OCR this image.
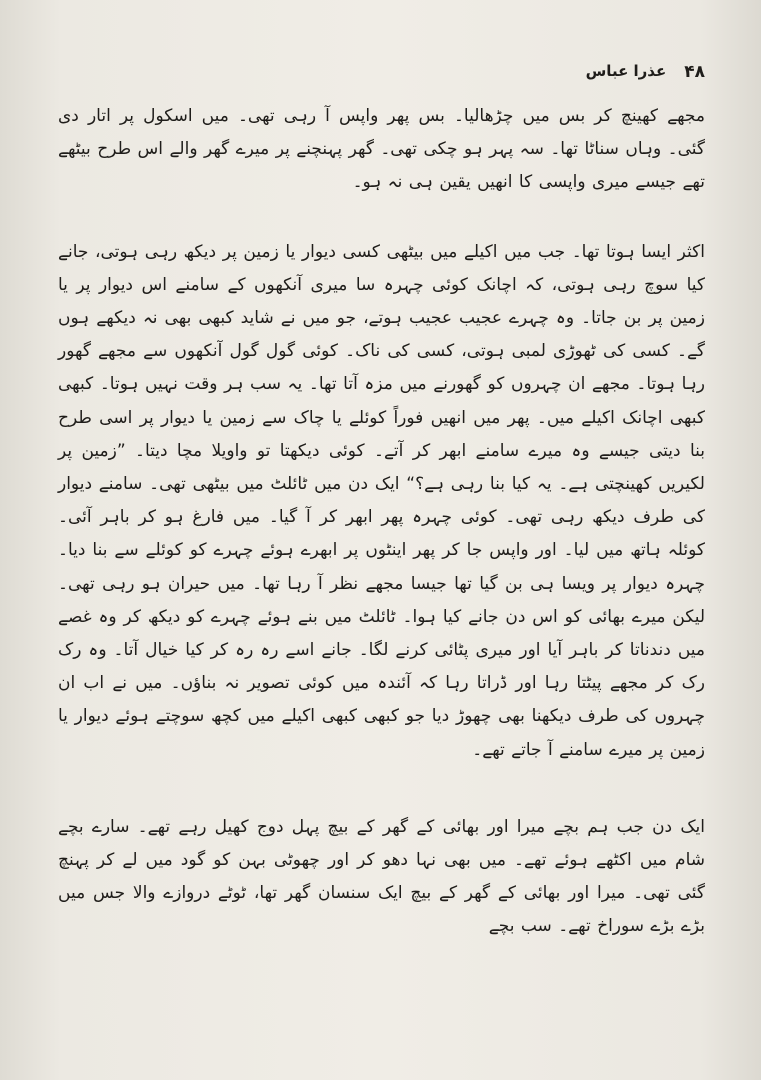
۴۸
عذرا عباس

مجھے کھینچ کر بس میں چڑھالیا۔ بس پھر واپس آ رہی تھی۔ میں اسکول پر اتار دی گئی۔ وہاں سناٹا تھا۔ سہ پہر ہو چکی تھی۔ گھر پہنچنے پر میرے گھر والے اس طرح بیٹھے تھے جیسے میری واپسی کا انھیں یقین ہی نہ ہو۔

اکثر ایسا ہوتا تھا۔ جب میں اکیلے میں بیٹھی کسی دیوار یا زمین پر دیکھ رہی ہوتی، جانے کیا سوچ رہی ہوتی، کہ اچانک کوئی چہرہ سا میری آنکھوں کے سامنے اس دیوار پر یا زمین پر بن جاتا۔ وہ چہرے عجیب عجیب ہوتے، جو میں نے شاید کبھی بھی نہ دیکھے ہوں گے۔ کسی کی ٹھوڑی لمبی ہوتی، کسی کی ناک۔ کوئی گول گول آنکھوں سے مجھے گھور رہا ہوتا۔ مجھے ان چہروں کو گھورنے میں مزہ آتا تھا۔ یہ سب ہر وقت نہیں ہوتا۔ کبھی کبھی اچانک اکیلے میں۔ پھر میں انھیں فوراً کوئلے یا چاک سے زمین یا دیوار پر اسی طرح بنا دیتی جیسے وہ میرے سامنے ابھر کر آتے۔ کوئی دیکھتا تو واویلا مچا دیتا۔ ”زمین پر لکیریں کھینچتی ہے۔ یہ کیا بنا رہی ہے؟“ ایک دن میں ٹائلٹ میں بیٹھی تھی۔ سامنے دیوار کی طرف دیکھ رہی تھی۔ کوئی چہرہ پھر ابھر کر آ گیا۔ میں فارغ ہو کر باہر آئی۔ کوئلہ ہاتھ میں لیا۔ اور واپس جا کر پھر اینٹوں پر ابھرے ہوئے چہرے کو کوئلے سے بنا دیا۔ چہرہ دیوار پر ویسا ہی بن گیا تھا جیسا مجھے نظر آ رہا تھا۔ میں حیران ہو رہی تھی۔ لیکن میرے بھائی کو اس دن جانے کیا ہوا۔ ٹائلٹ میں بنے ہوئے چہرے کو دیکھ کر وہ غصے میں دندناتا کر باہر آیا اور میری پٹائی کرنے لگا۔ جانے اسے رہ رہ کر کیا خیال آتا۔ وہ رک رک کر مجھے پیٹتا رہا اور ڈراتا رہا کہ آئندہ میں کوئی تصویر نہ بناؤں۔ میں نے اب ان چہروں کی طرف دیکھنا بھی چھوڑ دیا جو کبھی کبھی اکیلے میں کچھ سوچتے ہوئے دیوار یا زمین پر میرے سامنے آ جاتے تھے۔

ایک دن جب ہم بچے میرا اور بھائی کے گھر کے بیچ پہل دوج کھیل رہے تھے۔ سارے بچے شام میں اکٹھے ہوئے تھے۔ میں بھی نہا دھو کر اور چھوٹی بہن کو گود میں لے کر پہنچ گئی تھی۔ میرا اور بھائی کے گھر کے بیچ ایک سنسان گھر تھا، ٹوٹے دروازے والا جس میں بڑے بڑے سوراخ تھے۔ سب بچے
